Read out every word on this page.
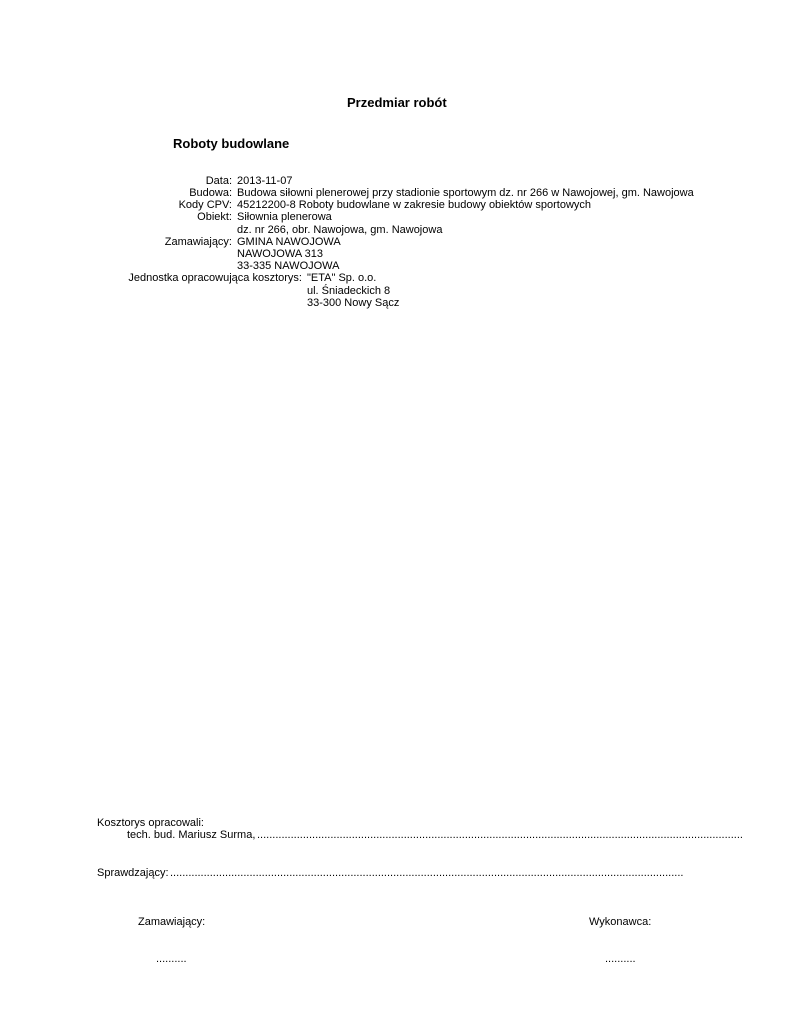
Przedmiar robót
Roboty budowlane
Data: 2013-11-07
Budowa: Budowa siłowni plenerowej przy stadionie sportowym dz. nr 266 w Nawojowej, gm. Nawojowa
Kody CPV: 45212200-8 Roboty budowlane w zakresie budowy obiektów sportowych
Obiekt: Siłownia plenerowa
dz. nr 266, obr. Nawojowa, gm. Nawojowa
Zamawiający: GMINA NAWOJOWA
NAWOJOWA 313
33-335 NAWOJOWA
Jednostka opracowująca kosztorys: "ETA" Sp. o.o.
ul. Śniadeckich 8
33-300 Nowy Sącz
Kosztorys opracowali:
tech. bud. Mariusz Surma, ...............................................................................................................................................................
Sprawdzający: ........................................................................................................................................................................
Zamawiający:
..........
Wykonawca:
..........
